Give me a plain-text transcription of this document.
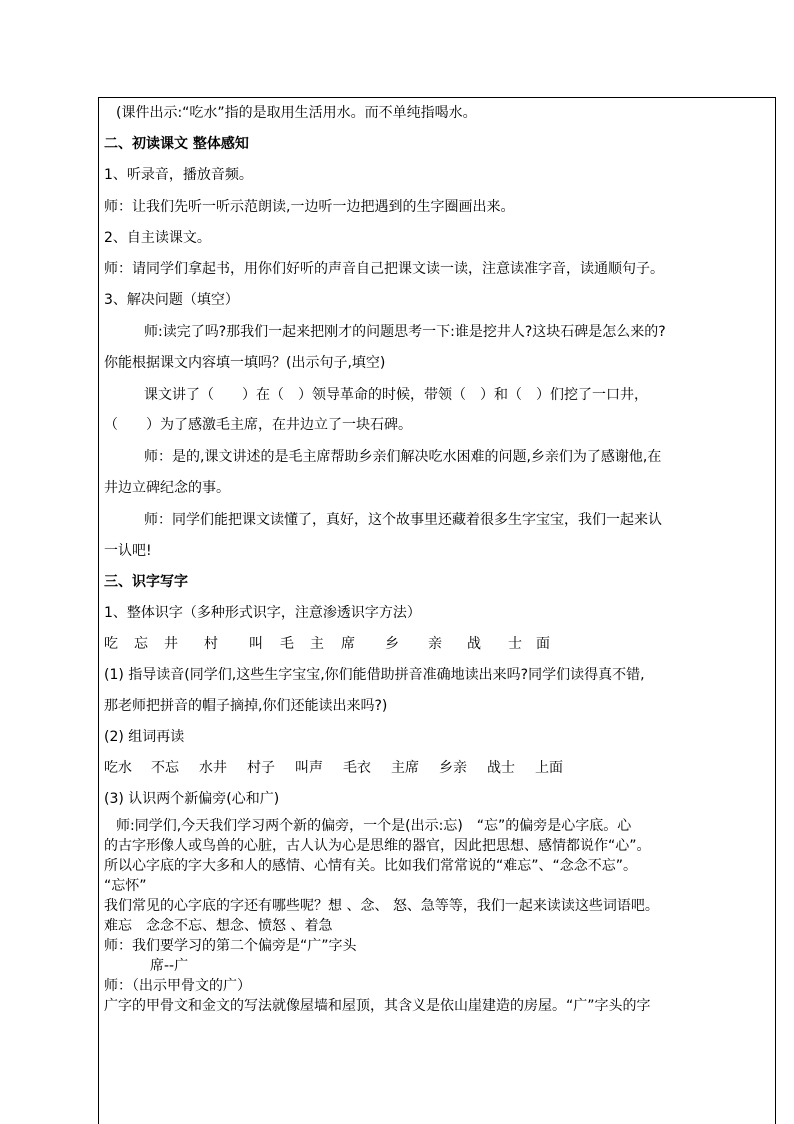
(课件出示:“吃水”指的是取用生活用水。而不单纯指喝水。
二、初读课文 整体感知
1、听录音，播放音频。
师：让我们先听一听示范朗读,一边听一边把遇到的生字圈画出来。
2、自主读课文。
师：请同学们拿起书，用你们好听的声音自己把课文读一读，注意读准字音，读通顺句子。
3、解决问题（填空）
师:读完了吗?那我们一起来把刚才的问题思考一下:谁是挖井人?这块石碑是怎么来的?
你能根据课文内容填一填吗？(出示句子,填空)
课文讲了（　　）在（　）领导革命的时候，带领（　）和（　）们挖了一口井，
（　　）为了感激毛主席，在井边立了一块石碑。
师：是的,课文讲述的是毛主席帮助乡亲们解决吃水困难的问题,乡亲们为了感谢他,在
井边立碑纪念的事。
师：同学们能把课文读懂了，真好，这个故事里还藏着很多生字宝宝，我们一起来认
一认吧!
三、识字写字
1、整体识字（多种形式识字，注意渗透识字方法）
吃 忘 井 村 叫 毛 主 席 乡 亲 战 士 面
(1) 指导读音(同学们,这些生字宝宝,你们能借助拼音准确地读出来吗?同学们读得真不错,
那老师把拼音的帽子摘掉,你们还能读出来吗?)
(2) 组词再读
吃水 不忘 水井 村子 叫声 毛衣 主席 乡亲 战士 上面
(3) 认识两个新偏旁(心和广)
师:同学们,今天我们学习两个新的偏旁，一个是(出示:忘)　“忘”的偏旁是心字底。心
的古字形像人或鸟兽的心脏，古人认为心是思维的器官，因此把思想、感情都说作“心”。
所以心字底的字大多和人的感情、心情有关。比如我们常常说的“难忘”、“念念不忘”。
“忘怀”
我们常见的心字底的字还有哪些呢？想 、念、 怒、急等等，我们一起来读读这些词语吧。
难忘　念念不忘、想念、愤怒 、着急
师：我们要学习的第二个偏旁是“广”字头
席--广
师：（出示甲骨文的广）
广字的甲骨文和金文的写法就像屋墙和屋顶，其含义是依山崖建造的房屋。“广”字头的字
